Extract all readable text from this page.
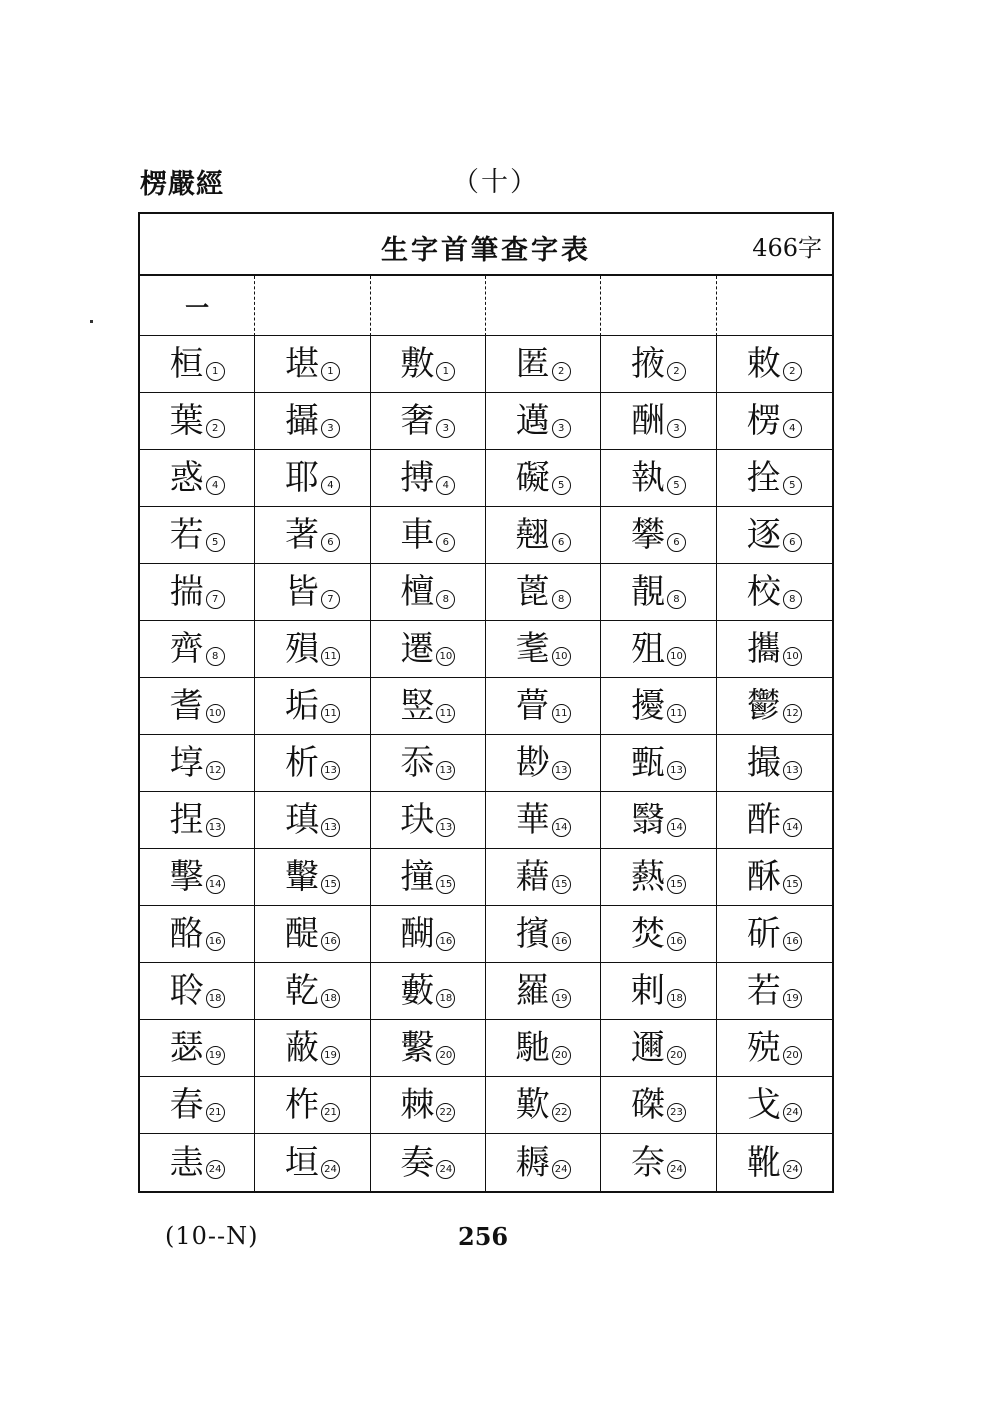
楞嚴經	（十）
生字首筆查字表	466字
一
桓 1 堪 1 敷 1 匿 2 掖 2 敕 2
葉 2 攝 3 奢 3 邁 3 酬 3 楞 4
惑 4 耶 4 搏 4 礙 5 執 5 拴 5
若 5 著 6 車 6 翹 6 攀 6 逐 6
揣 7 皆 7 檀 8 蓖 8 靚 8 校 8
齊 8 殞 11 遷 10 耄 10 殂 10 攜 10
耆 10 垢 11 竪 11 瞢 11 擾 11 鬱 12
埻 12 析 13 忝 13 尠 13 甄 13 撮 13
捏 13 瑱 13 玦 13 華 14 翳 14 酢 14
擊 14 轚 15 撞 15 藉 15 爇 15 酥 15
酪 16 醍 16 醐 16 擯 16 焚 16 斫 16
聆 18 乾 18 藪 18 羅 19 剌 18 若 19
瑟 19 蔽 19 繫 20 馳 20 邇 20 殑 20
春 21 柞 21 棘 22 歎 22 磔 23 戈 24
恚 24 垣 24 奏 24 耨 24 奈 24 靴 24
(10--N)	256
